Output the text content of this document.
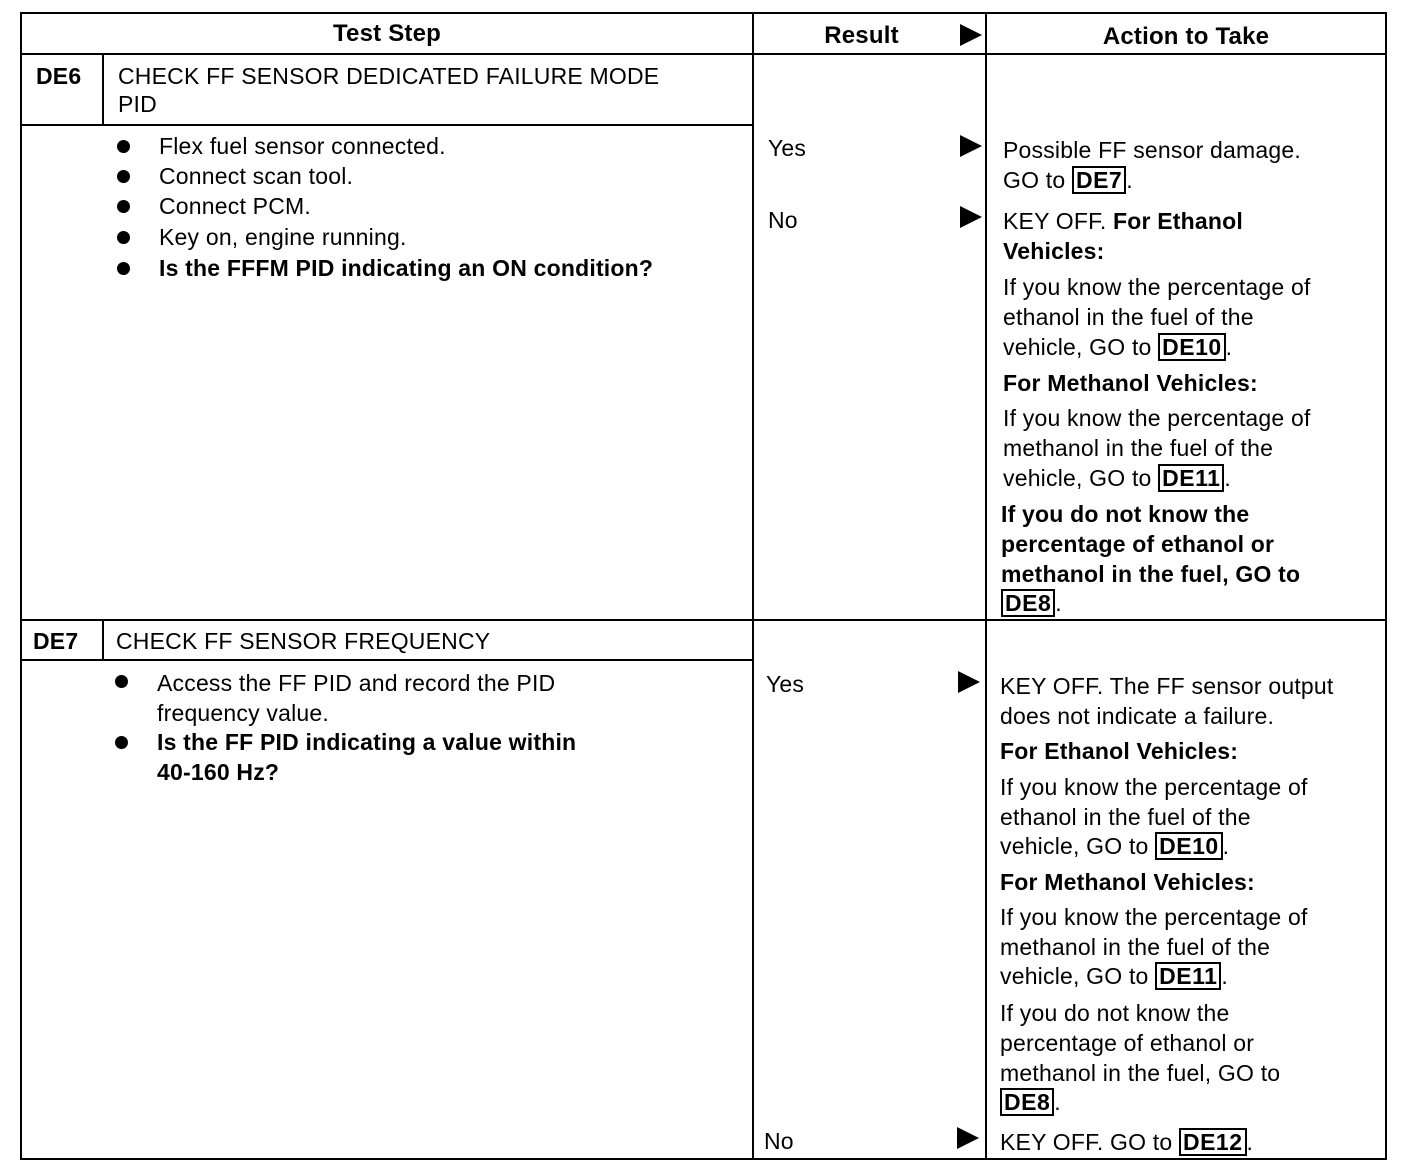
Test Step	Result	Action to Take
DE6 CHECK FF SENSOR DEDICATED FAILURE MODE
PID
Flex fuel sensor connected.
Connect scan tool.
Connect PCM.
Key on, engine running.
Is the FFFM PID indicating an ON condition?
Yes	Possible FF sensor damage.
GO to DE7 .
No	KEY OFF. For Ethanol
Vehicles:
If you know the percentage of
ethanol in the fuel of the
vehicle, GO to DE10 .
For Methanol Vehicles:
If you know the percentage of
methanol in the fuel of the
vehicle, GO to DE11 .
If you do not know the
percentage of ethanol or
methanol in the fuel, GO to
DE8 .
DE7 CHECK FF SENSOR FREQUENCY
Access the FF PID and record the PID
frequency value.
Is the FF PID indicating a value within
40-160 Hz?
Yes	KEY OFF. The FF sensor output
does not indicate a failure.
For Ethanol Vehicles:
If you know the percentage of
ethanol in the fuel of the
vehicle, GO to DE10 .
For Methanol Vehicles:
If you know the percentage of
methanol in the fuel of the
vehicle, GO to DE11 .
If you do not know the
percentage of ethanol or
methanol in the fuel, GO to
DE8 .
No	KEY OFF. GO to DE12 .
